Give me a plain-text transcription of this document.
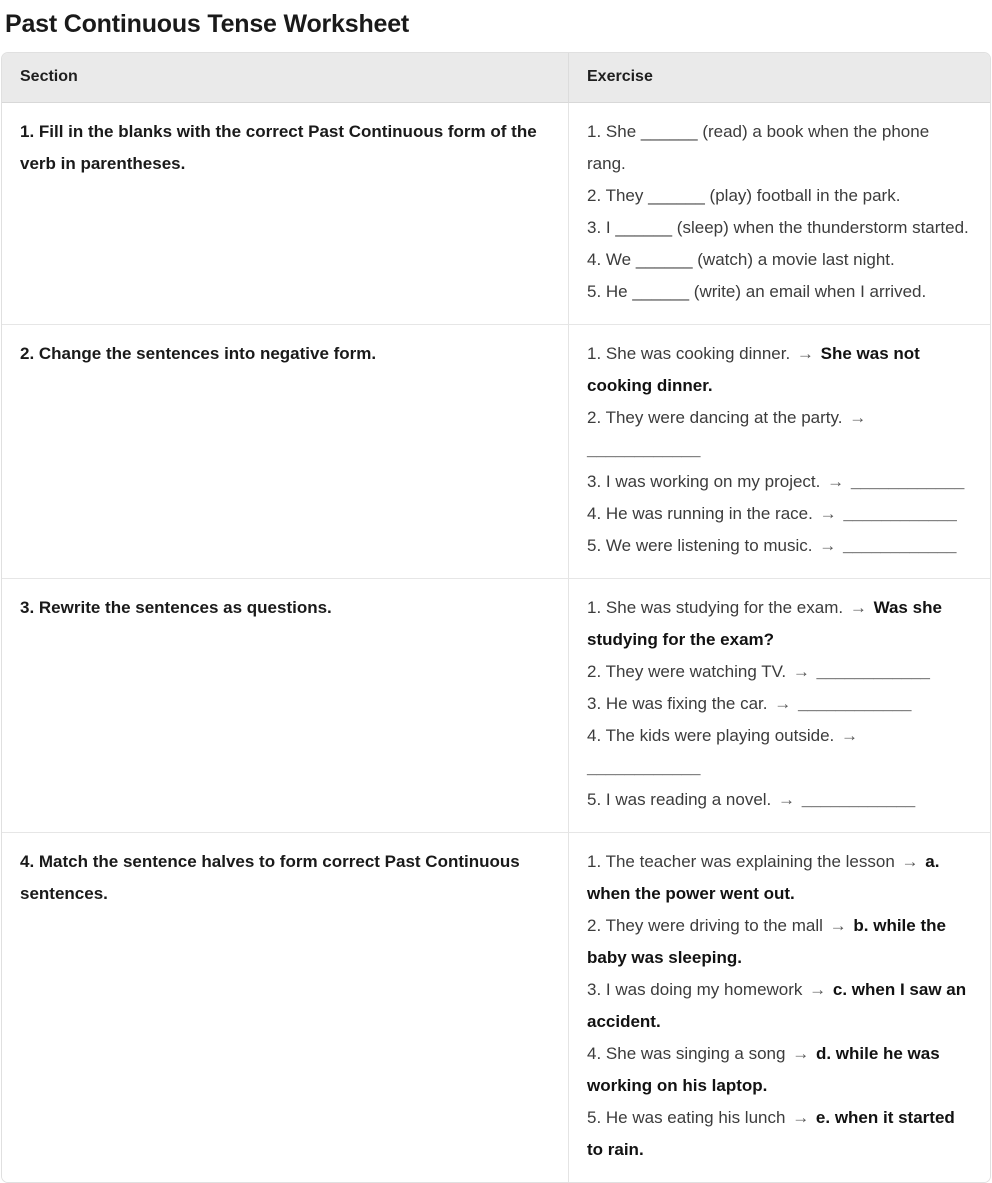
Past Continuous Tense Worksheet
Section	Exercise
1. Fill in the blanks with the correct Past Continuous form of the verb in parentheses.	1. She ______ (read) a book when the phone rang.
2. They ______ (play) football in the park.
3. I ______ (sleep) when the thunderstorm started.
4. We ______ (watch) a movie last night.
5. He ______ (write) an email when I arrived.

2. Change the sentences into negative form.	1. She was cooking dinner. → She was not cooking dinner.
2. They were dancing at the party. → ____________
3. I was working on my project. → ____________
4. He was running in the race. → ____________
5. We were listening to music. → ____________

3. Rewrite the sentences as questions.	1. She was studying for the exam. → Was she studying for the exam?
2. They were watching TV. → ____________
3. He was fixing the car. → ____________
4. The kids were playing outside. → ____________
5. I was reading a novel. → ____________

4. Match the sentence halves to form correct Past Continuous sentences.	1. The teacher was explaining the lesson → a. when the power went out.
2. They were driving to the mall → b. while the baby was sleeping.
3. I was doing my homework → c. when I saw an accident.
4. She was singing a song → d. while he was working on his laptop.
5. He was eating his lunch → e. when it started to rain.
